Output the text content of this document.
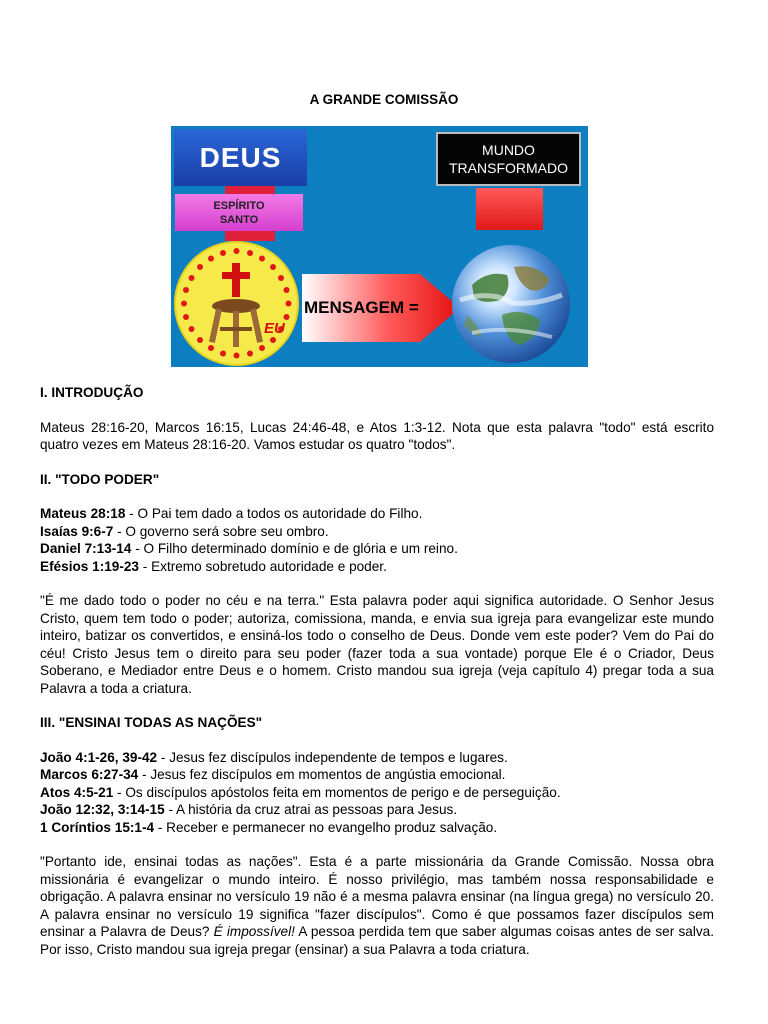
A GRANDE COMISSÃO
DEUS
ESPÍRITO
SANTO
EU
MUNDO
TRANSFORMADO
MENSAGEM =

I. INTRODUÇÃO

Mateus 28:16-20, Marcos 16:15, Lucas 24:46-48, e Atos 1:3-12. Nota que esta palavra "todo" está escrito quatro vezes em Mateus 28:16-20. Vamos estudar os quatro "todos".

II. "TODO PODER"

Mateus 28:18 - O Pai tem dado a todos os autoridade do Filho.

Isaías 9:6-7 - O governo será sobre seu ombro.

Daniel 7:13-14 - O Filho determinado domínio e de glória e um reino.

Efésios 1:19-23 - Extremo sobretudo autoridade e poder.

"É me dado todo o poder no céu e na terra." Esta palavra poder aqui significa autoridade. O Senhor Jesus Cristo, quem tem todo o poder; autoriza, comissiona, manda, e envia sua igreja para evangelizar este mundo inteiro, batizar os convertidos, e ensiná-los todo o conselho de Deus. Donde vem este poder? Vem do Pai do céu! Cristo Jesus tem o direito para seu poder (fazer toda a sua vontade) porque Ele é o Criador, Deus Soberano, e Mediador entre Deus e o homem. Cristo mandou sua igreja (veja capítulo 4) pregar toda a sua Palavra a toda a criatura.

III. "ENSINAI TODAS AS NAÇÕES"

João 4:1-26, 39-42 - Jesus fez discípulos independente de tempos e lugares.

Marcos 6:27-34 - Jesus fez discípulos em momentos de angústia emocional.

Atos 4:5-21 - Os discípulos apóstolos feita em momentos de perigo e de perseguição.

João 12:32, 3:14-15 - A história da cruz atrai as pessoas para Jesus.

1 Coríntios 15:1-4 - Receber e permanecer no evangelho produz salvação.

"Portanto ide, ensinai todas as nações". Esta é a parte missionária da Grande Comissão. Nossa obra missionária é evangelizar o mundo inteiro. É nosso privilégio, mas também nossa responsabilidade e obrigação. A palavra ensinar no versículo 19 não é a mesma palavra ensinar (na língua grega) no versículo 20. A palavra ensinar no versículo 19 significa "fazer discípulos". Como é que possamos fazer discípulos sem ensinar a Palavra de Deus? É impossível! A pessoa perdida tem que saber algumas coisas antes de ser salva. Por isso, Cristo mandou sua igreja pregar (ensinar) a sua Palavra a toda criatura.
